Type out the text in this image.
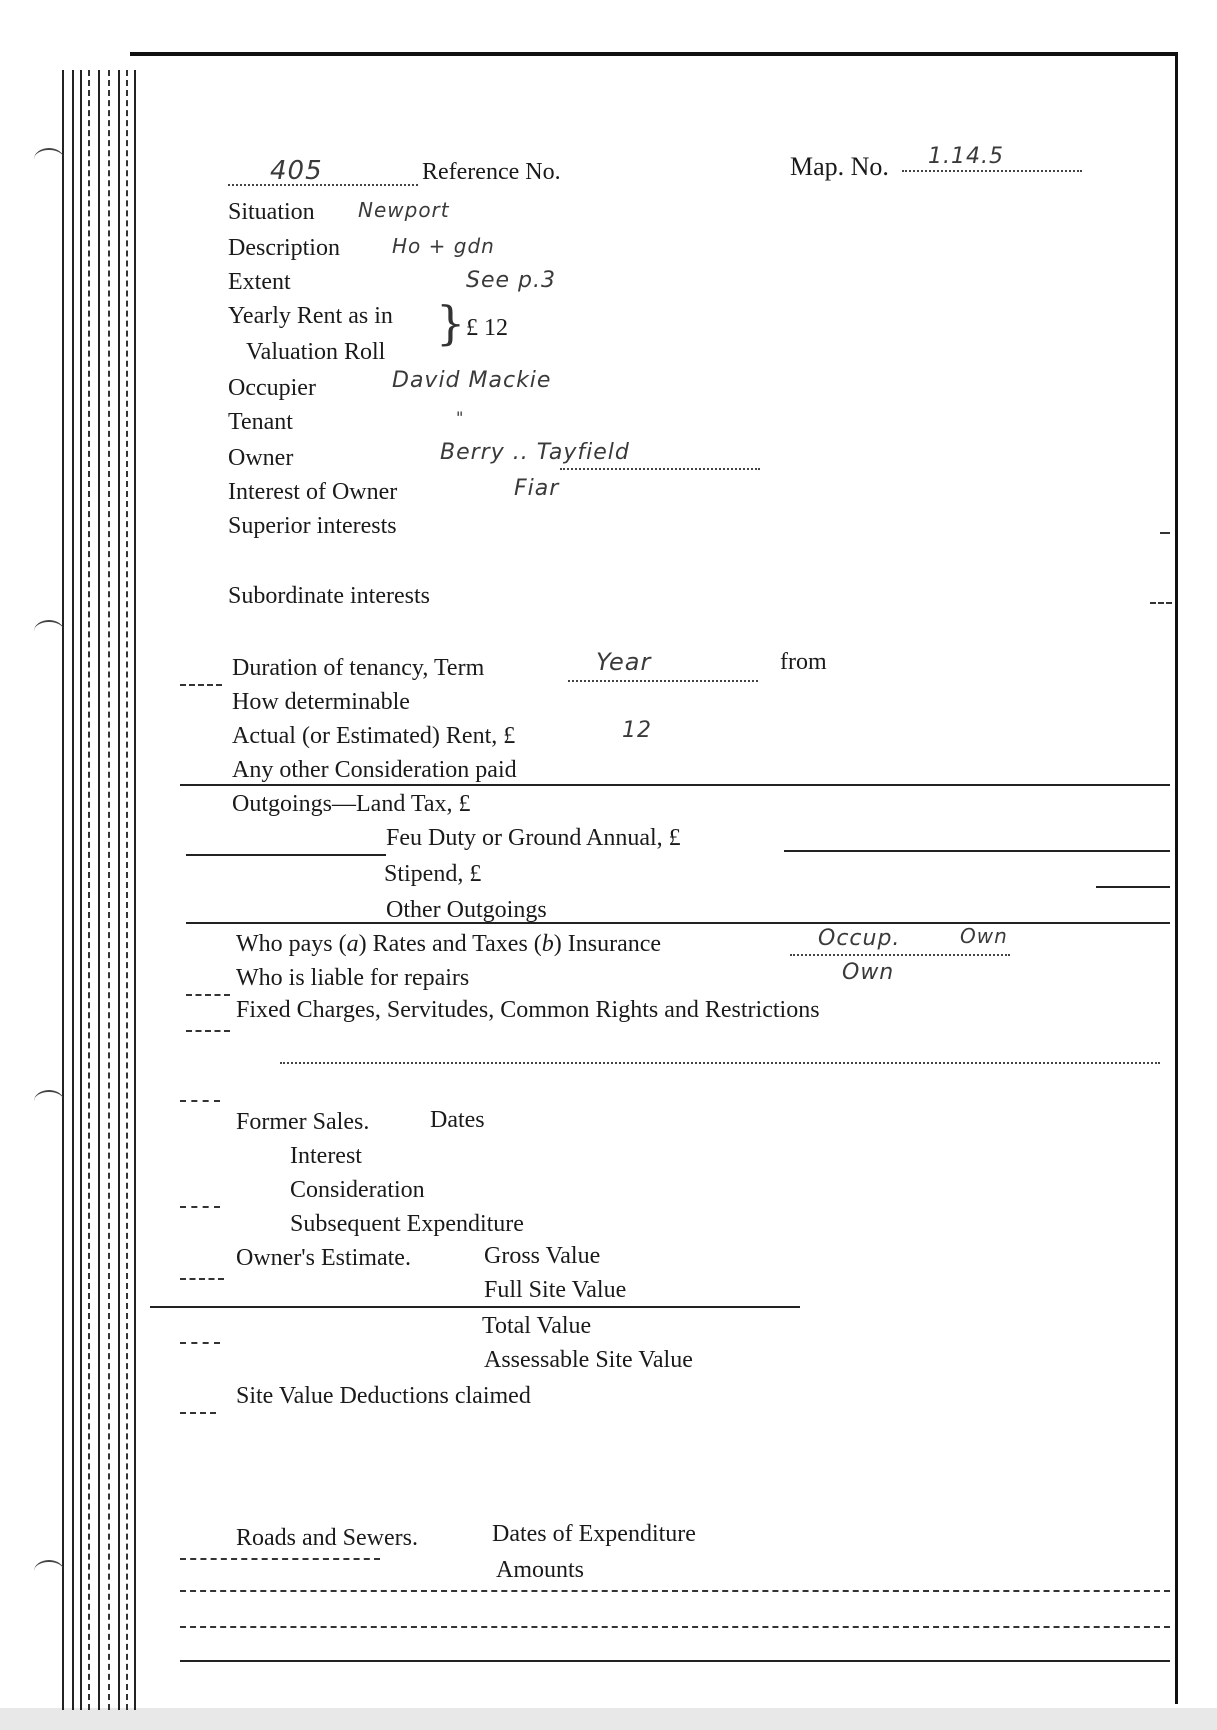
405	Reference No.	Map. No. 1.14.5
Situation Newport
Description	Ho + gdn
Extent	See p.3
Yearly Rent as in
Valuation Roll
} £ 12
Occupier	David Mackie
Tenant	"
Owner	Berry .. Tayfield
Interest of Owner	Fiar
Superior interests
Subordinate interests
Duration of tenancy, Term	Year	from
How determinable
Actual (or Estimated) Rent, £	12
Any other Consideration paid
Outgoings—Land Tax, £
Feu Duty or Ground Annual, £
Stipend, £
Other Outgoings
Who pays (a) Rates and Taxes (b) Insurance	Occup.	Own
Who is liable for repairs	Own
Fixed Charges, Servitudes, Common Rights and Restrictions
Former Sales.	Dates
Interest
Consideration
Subsequent Expenditure
Owner's Estimate.	Gross Value
Full Site Value
Total Value
Assessable Site Value
Site Value Deductions claimed
Roads and Sewers.	Dates of Expenditure
Amounts
